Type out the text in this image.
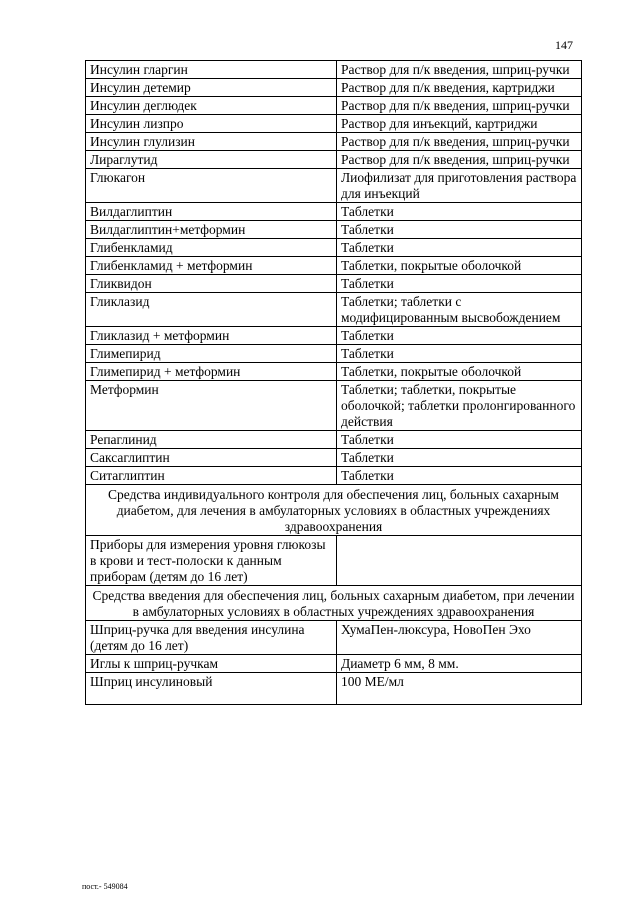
147
Инсулин гларгин	Раствор для п/к введения, шприц-ручки
Инсулин детемир	Раствор для п/к введения, картриджи
Инсулин деглюдек	Раствор для п/к введения, шприц-ручки
Инсулин лизпро	Раствор для инъекций, картриджи
Инсулин глулизин	Раствор для п/к введения, шприц-ручки
Лираглутид	Раствор для п/к введения, шприц-ручки
Глюкагон	Лиофилизат для приготовления раствора для инъекций
Вилдаглиптин	Таблетки
Вилдаглиптин+метформин	Таблетки
Глибенкламид	Таблетки
Глибенкламид + метформин	Таблетки, покрытые оболочкой
Гликвидон	Таблетки
Гликлазид	Таблетки; таблетки с модифицированным высвобождением
Гликлазид + метформин	Таблетки
Глимепирид	Таблетки
Глимепирид + метформин	Таблетки, покрытые оболочкой
Метформин	Таблетки; таблетки, покрытые оболочкой; таблетки пролонгированного действия
Репаглинид	Таблетки
Саксаглиптин	Таблетки
Ситаглиптин	Таблетки
Средства индивидуального контроля для обеспечения лиц, больных сахарным диабетом, для лечения в амбулаторных условиях в областных учреждениях здравоохранения	
Приборы для измерения уровня глюкозы в крови и тест-полоски к данным приборам (детям до 16 лет)	
Средства введения для обеспечения лиц, больных сахарным диабетом, при лечении в амбулаторных условиях в областных учреждениях здравоохранения	
Шприц-ручка для введения инсулина (детям до 16 лет)	ХумаПен-люксура, НовоПен Эхо
Иглы к шприц-ручкам	Диаметр 6 мм, 8 мм.
Шприц инсулиновый	100 МЕ/мл
пост.- 549084
